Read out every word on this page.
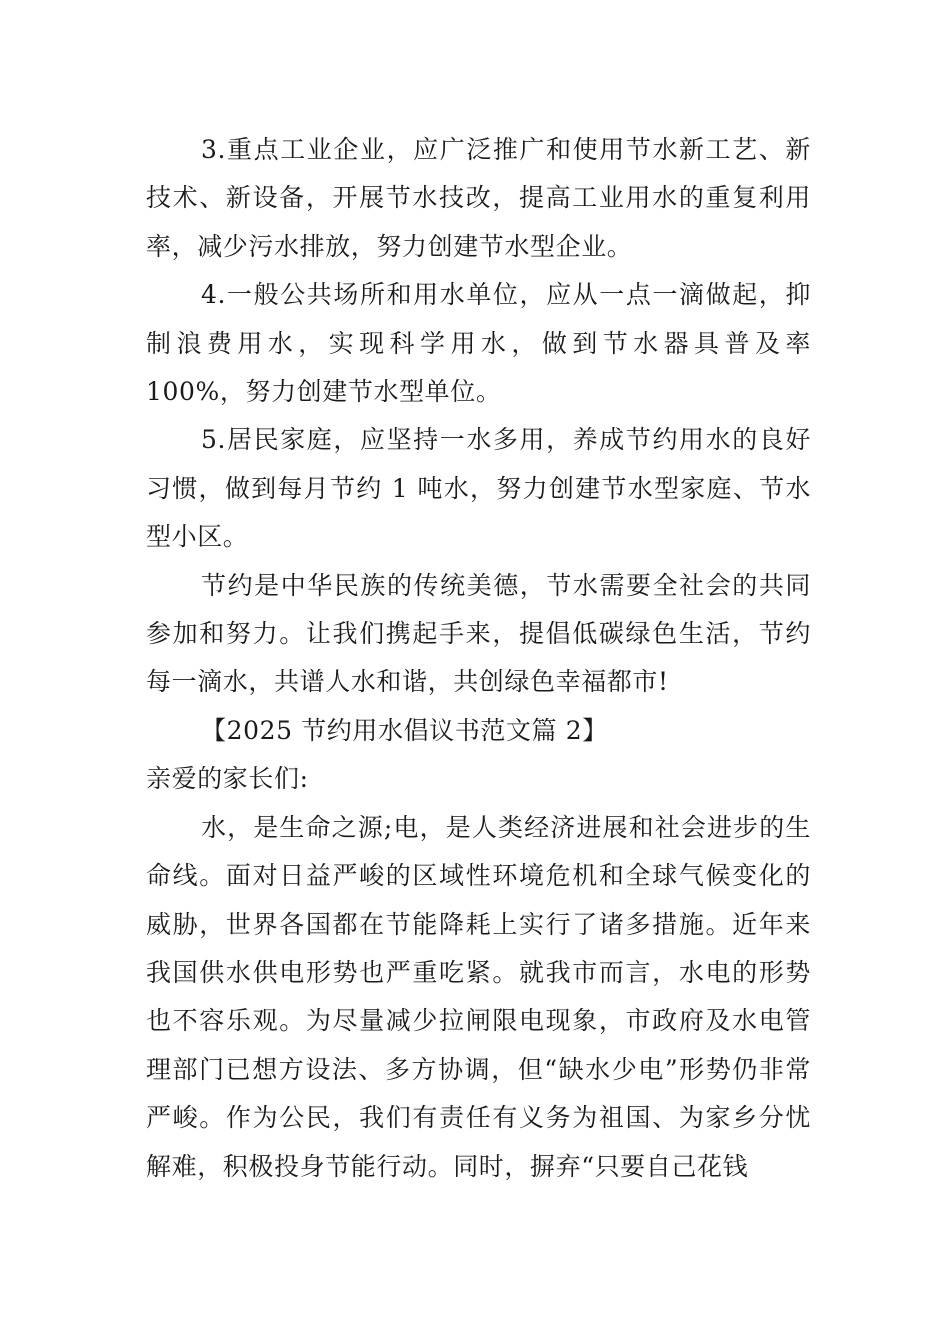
3.重点工业企业，应广泛推广和使用节水新工艺、新技术、新设备，开展节水技改，提高工业用水的重复利用率，减少污水排放，努力创建节水型企业。

4.一般公共场所和用水单位，应从一点一滴做起，抑制浪费用水，实现科学用水，做到节水器具普及率 100%，努力创建节水型单位。

5.居民家庭，应坚持一水多用，养成节约用水的良好习惯，做到每月节约 1 吨水，努力创建节水型家庭、节水型小区。

节约是中华民族的传统美德，节水需要全社会的共同参加和努力。让我们携起手来，提倡低碳绿色生活，节约每一滴水，共谱人水和谐，共创绿色幸福都市!

【2025 节约用水倡议书范文篇 2】

亲爱的家长们:

水，是生命之源;电，是人类经济进展和社会进步的生命线。面对日益严峻的区域性环境危机和全球气候变化的威胁，世界各国都在节能降耗上实行了诸多措施。近年来我国供水供电形势也严重吃紧。就我市而言，水电的形势也不容乐观。为尽量减少拉闸限电现象，市政府及水电管理部门已想方设法、多方协调，但“缺水少电”形势仍非常严峻。作为公民，我们有责任有义务为祖国、为家乡分忧解难，积极投身节能行动。同时，摒弃“只要自己花钱
